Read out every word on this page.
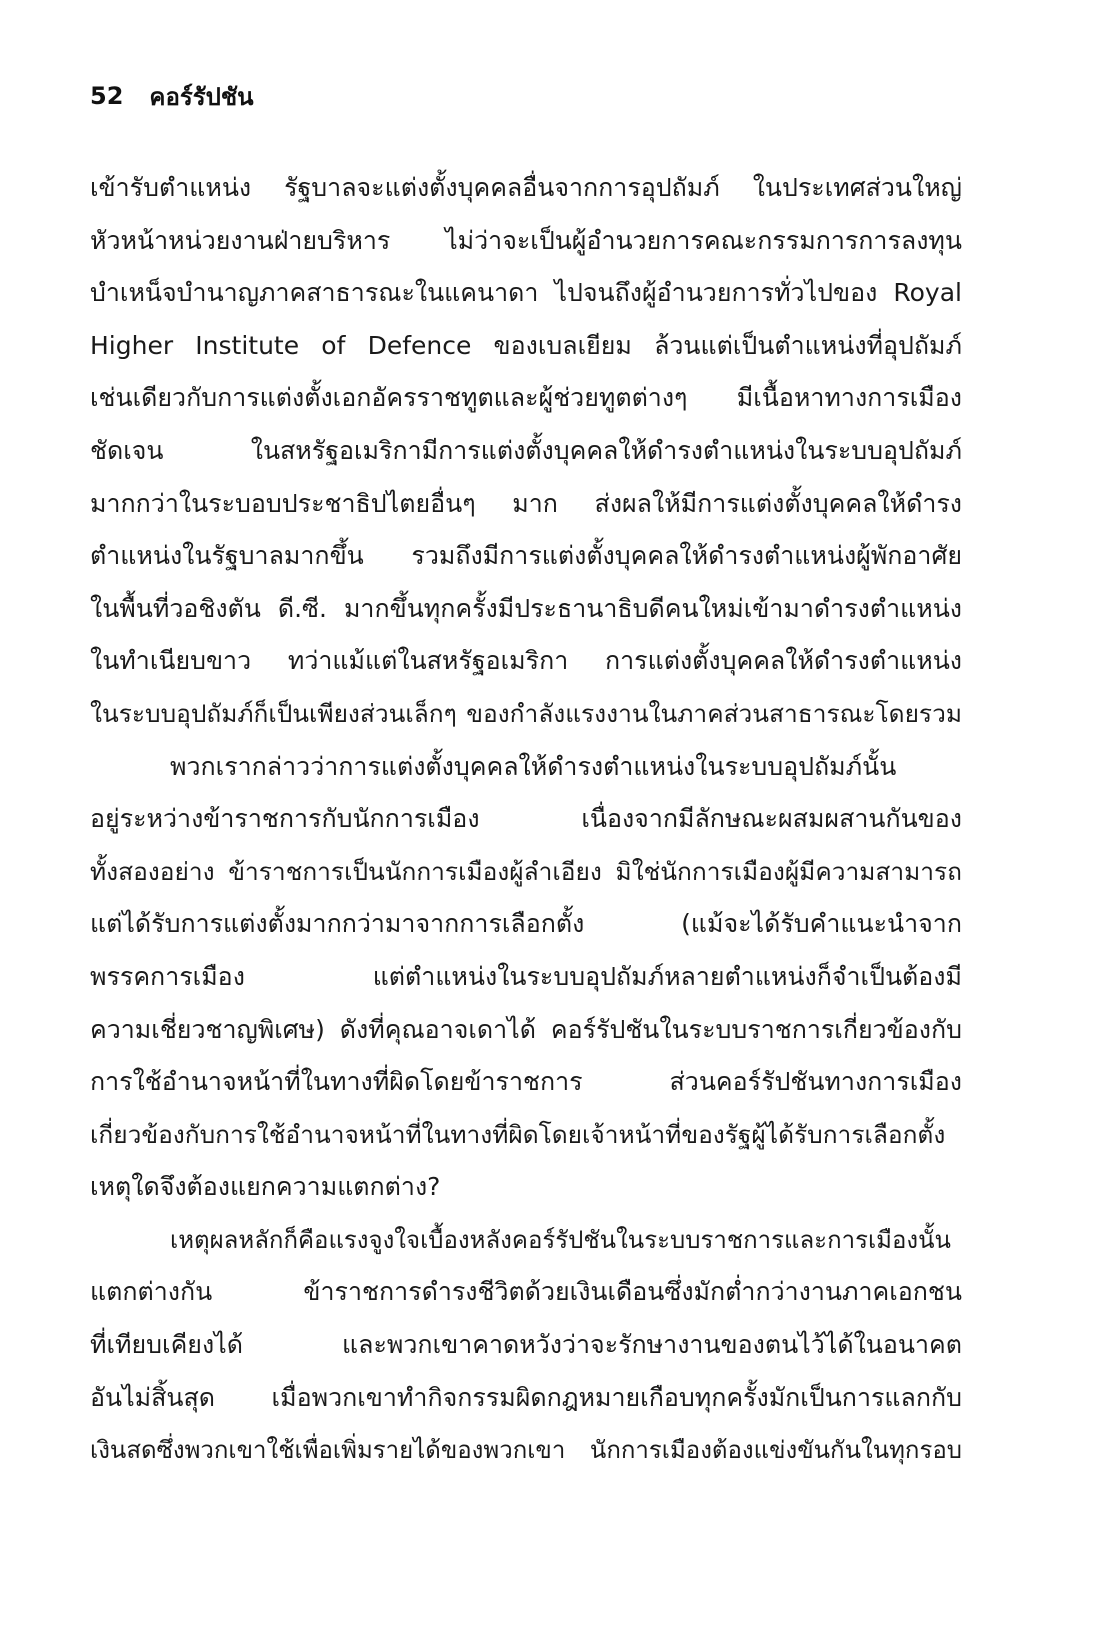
52 คอร์รัปชัน
เข้ารับตำแหน่ง รัฐบาลจะแต่งตั้งบุคคลอื่นจากการอุปถัมภ์ ในประเทศส่วนใหญ่
หัวหน้าหน่วยงานฝ่ายบริหาร ไม่ว่าจะเป็นผู้อำนวยการคณะกรรมการการลงทุน
บำเหน็จบำนาญภาคสาธารณะในแคนาดา ไปจนถึงผู้อำนวยการทั่วไปของ Royal
Higher Institute of Defence ของเบลเยียม ล้วนแต่เป็นตำแหน่งที่อุปถัมภ์
เช่นเดียวกับการแต่งตั้งเอกอัครราชทูตและผู้ช่วยทูตต่างๆ มีเนื้อหาทางการเมือง
ชัดเจน ในสหรัฐอเมริกามีการแต่งตั้งบุคคลให้ดำรงตำแหน่งในระบบอุปถัมภ์
มากกว่าในระบอบประชาธิปไตยอื่นๆ มาก ส่งผลให้มีการแต่งตั้งบุคคลให้ดำรง
ตำแหน่งในรัฐบาลมากขึ้น รวมถึงมีการแต่งตั้งบุคคลให้ดำรงตำแหน่งผู้พักอาศัย
ในพื้นที่วอชิงตัน ดี.ซี. มากขึ้นทุกครั้งมีประธานาธิบดีคนใหม่เข้ามาดำรงตำแหน่ง
ในทำเนียบขาว ทว่าแม้แต่ในสหรัฐอเมริกา การแต่งตั้งบุคคลให้ดำรงตำแหน่ง
ในระบบอุปถัมภ์ก็เป็นเพียงส่วนเล็กๆ ของกำลังแรงงานในภาคส่วนสาธารณะโดยรวม
พวกเรากล่าวว่าการแต่งตั้งบุคคลให้ดำรงตำแหน่งในระบบอุปถัมภ์นั้น
อยู่ระหว่างข้าราชการกับนักการเมือง เนื่องจากมีลักษณะผสมผสานกันของ
ทั้งสองอย่าง ข้าราชการเป็นนักการเมืองผู้ลำเอียง มิใช่นักการเมืองผู้มีความสามารถ
แต่ได้รับการแต่งตั้งมากกว่ามาจากการเลือกตั้ง (แม้จะได้รับคำแนะนำจาก
พรรคการเมือง แต่ตำแหน่งในระบบอุปถัมภ์หลายตำแหน่งก็จำเป็นต้องมี
ความเชี่ยวชาญพิเศษ) ดังที่คุณอาจเดาได้ คอร์รัปชันในระบบราชการเกี่ยวข้องกับ
การใช้อำนาจหน้าที่ในทางที่ผิดโดยข้าราชการ ส่วนคอร์รัปชันทางการเมือง
เกี่ยวข้องกับการใช้อำนาจหน้าที่ในทางที่ผิดโดยเจ้าหน้าที่ของรัฐผู้ได้รับการเลือกตั้ง
เหตุใดจึงต้องแยกความแตกต่าง?
เหตุผลหลักก็คือแรงจูงใจเบื้องหลังคอร์รัปชันในระบบราชการและการเมืองนั้น
แตกต่างกัน ข้าราชการดำรงชีวิตด้วยเงินเดือนซึ่งมักต่ำกว่างานภาคเอกชน
ที่เทียบเคียงได้ และพวกเขาคาดหวังว่าจะรักษางานของตนไว้ได้ในอนาคต
อันไม่สิ้นสุด เมื่อพวกเขาทำกิจกรรมผิดกฎหมายเกือบทุกครั้งมักเป็นการแลกกับ
เงินสดซึ่งพวกเขาใช้เพื่อเพิ่มรายได้ของพวกเขา นักการเมืองต้องแข่งขันกันในทุกรอบ
